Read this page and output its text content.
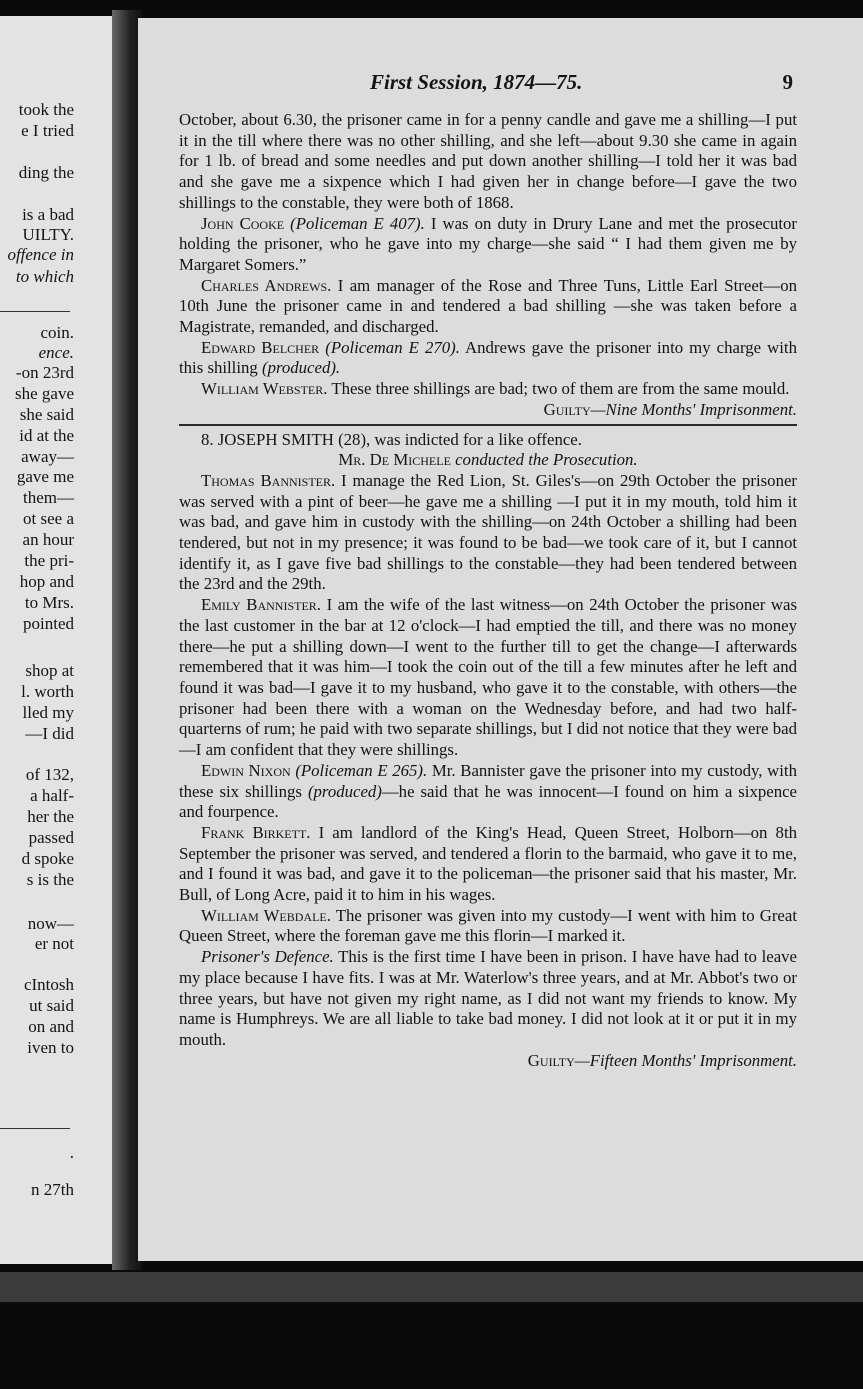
took the
e I tried
ding the
is a bad
UILTY.
offence in
to which
coin.
ence.
-on 23rd
she gave
she said
id at the
away—
gave me
them—
ot see a
an hour
the pri-
hop and
to Mrs.
pointed
shop at
l. worth
lled my
—I did
of 132,
a half-
her the
passed
d spoke
s is the
now—
er not
cIntosh
ut said
on and
iven to
.
n 27th
First Session, 1874—75.	9

October, about 6.30, the prisoner came in for a penny candle and gave me a shilling—I put it in the till where there was no other shilling, and she left—about 9.30 she came in again for 1 lb. of bread and some needles and put down another shilling—I told her it was bad and she gave me a sixpence which I had given her in change before—I gave the two shillings to the constable, they were both of 1868.

John Cooke (Policeman E 407). I was on duty in Drury Lane and met the prosecutor holding the prisoner, who he gave into my charge—she said “ I had them given me by Margaret Somers.”

Charles Andrews. I am manager of the Rose and Three Tuns, Little Earl Street—on 10th June the prisoner came in and tendered a bad shilling —she was taken before a Magistrate, remanded, and discharged.

Edward Belcher (Policeman E 270). Andrews gave the prisoner into my charge with this shilling (produced).

William Webster. These three shillings are bad; two of them are from the same mould.

Guilty—Nine Months' Imprisonment.

8. JOSEPH SMITH (28), was indicted for a like offence.

Mr. De Michele conducted the Prosecution.

Thomas Bannister. I manage the Red Lion, St. Giles's—on 29th October the prisoner was served with a pint of beer—he gave me a shilling —I put it in my mouth, told him it was bad, and gave him in custody with the shilling—on 24th October a shilling had been tendered, but not in my presence; it was found to be bad—we took care of it, but I cannot identify it, as I gave five bad shillings to the constable—they had been tendered between the 23rd and the 29th.

Emily Bannister. I am the wife of the last witness—on 24th October the prisoner was the last customer in the bar at 12 o'clock—I had emptied the till, and there was no money there—he put a shilling down—I went to the further till to get the change—I afterwards remembered that it was him—I took the coin out of the till a few minutes after he left and found it was bad—I gave it to my husband, who gave it to the constable, with others—the prisoner had been there with a woman on the Wednesday before, and had two half-quarterns of rum; he paid with two separate shillings, but I did not notice that they were bad—I am confident that they were shillings.

Edwin Nixon (Policeman E 265). Mr. Bannister gave the prisoner into my custody, with these six shillings (produced)—he said that he was innocent—I found on him a sixpence and fourpence.

Frank Birkett. I am landlord of the King's Head, Queen Street, Holborn—on 8th September the prisoner was served, and tendered a florin to the barmaid, who gave it to me, and I found it was bad, and gave it to the policeman—the prisoner said that his master, Mr. Bull, of Long Acre, paid it to him in his wages.

William Webdale. The prisoner was given into my custody—I went with him to Great Queen Street, where the foreman gave me this florin—I marked it.

Prisoner's Defence. This is the first time I have been in prison. I have have had to leave my place because I have fits. I was at Mr. Waterlow's three years, and at Mr. Abbot's two or three years, but have not given my right name, as I did not want my friends to know. My name is Humphreys. We are all liable to take bad money. I did not look at it or put it in my mouth.

Guilty—Fifteen Months' Imprisonment.
